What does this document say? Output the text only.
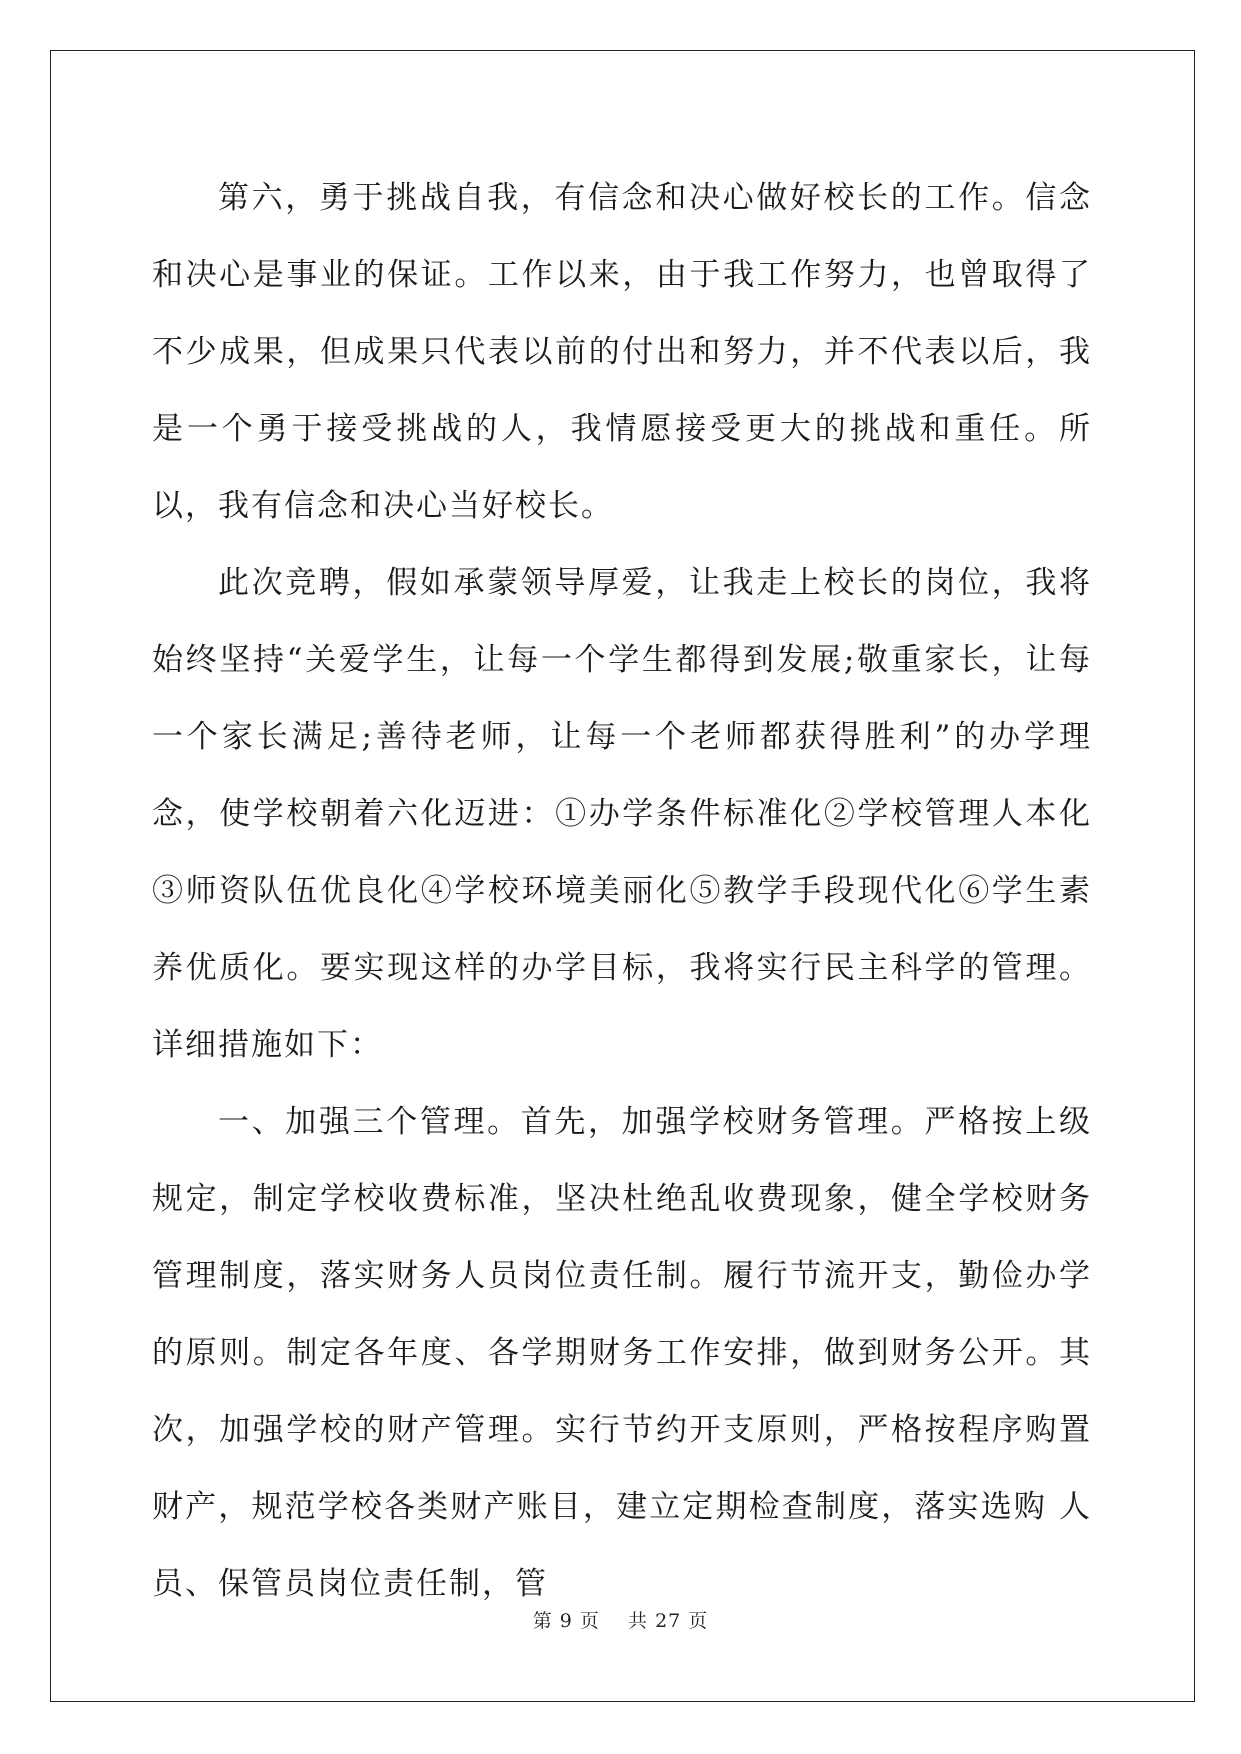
第六，勇于挑战自我，有信念和决心做好校长的工作。信念和决心是事业的保证。工作以来，由于我工作努力，也曾取得了不少成果，但成果只代表以前的付出和努力，并不代表以后，我是一个勇于接受挑战的人，我情愿接受更大的挑战和重任。所以，我有信念和决心当好校长。

此次竞聘，假如承蒙领导厚爱，让我走上校长的岗位，我将始终坚持“关爱学生，让每一个学生都得到发展;敬重家长，让每一个家长满足;善待老师，让每一个老师都获得胜利”的办学理念，使学校朝着六化迈进：①办学条件标准化②学校管理人本化③师资队伍优良化④学校环境美丽化⑤教学手段现代化⑥学生素养优质化。要实现这样的办学目标，我将实行民主科学的管理。详细措施如下：

一、加强三个管理。首先，加强学校财务管理。严格按上级规定，制定学校收费标准，坚决杜绝乱收费现象，健全学校财务管理制度，落实财务人员岗位责任制。履行节流开支，勤俭办学的原则。制定各年度、各学期财务工作安排，做到财务公开。其次，加强学校的财产管理。实行节约开支原则，严格按程序购置财产，规范学校各类财产账目，建立定期检查制度，落实选购 人员、保管员岗位责任制，管

第 9 页    共 27 页
